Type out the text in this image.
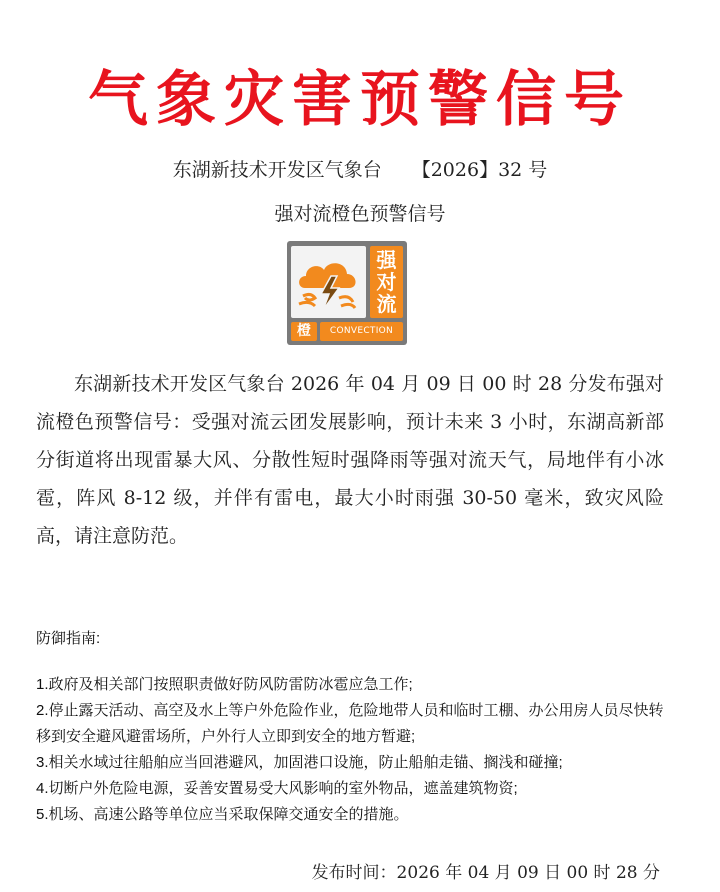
气象灾害预警信号
东湖新技术开发区气象台 【2026】32 号
强对流橙色预警信号
强
对
流
橙	CONVECTION
东湖新技术开发区气象台 2026 年 04 月 09 日 00 时 28 分发布强对流橙色预警信号：受强对流云团发展影响，预计未来 3 小时，东湖高新部分街道将出现雷暴大风、分散性短时强降雨等强对流天气，局地伴有小冰雹，阵风 8-12 级，并伴有雷电，最大小时雨强 30-50 毫米，致灾风险高，请注意防范。
防御指南:
1.政府及相关部门按照职责做好防风防雷防冰雹应急工作;
2.停止露天活动、高空及水上等户外危险作业，危险地带人员和临时工棚、办公用房人员尽快转移到安全避风避雷场所，户外行人立即到安全的地方暂避;
3.相关水域过往船舶应当回港避风，加固港口设施，防止船舶走锚、搁浅和碰撞;
4.切断户外危险电源，妥善安置易受大风影响的室外物品，遮盖建筑物资;
5.机场、高速公路等单位应当采取保障交通安全的措施。
发布时间：2026 年 04 月 09 日 00 时 28 分
